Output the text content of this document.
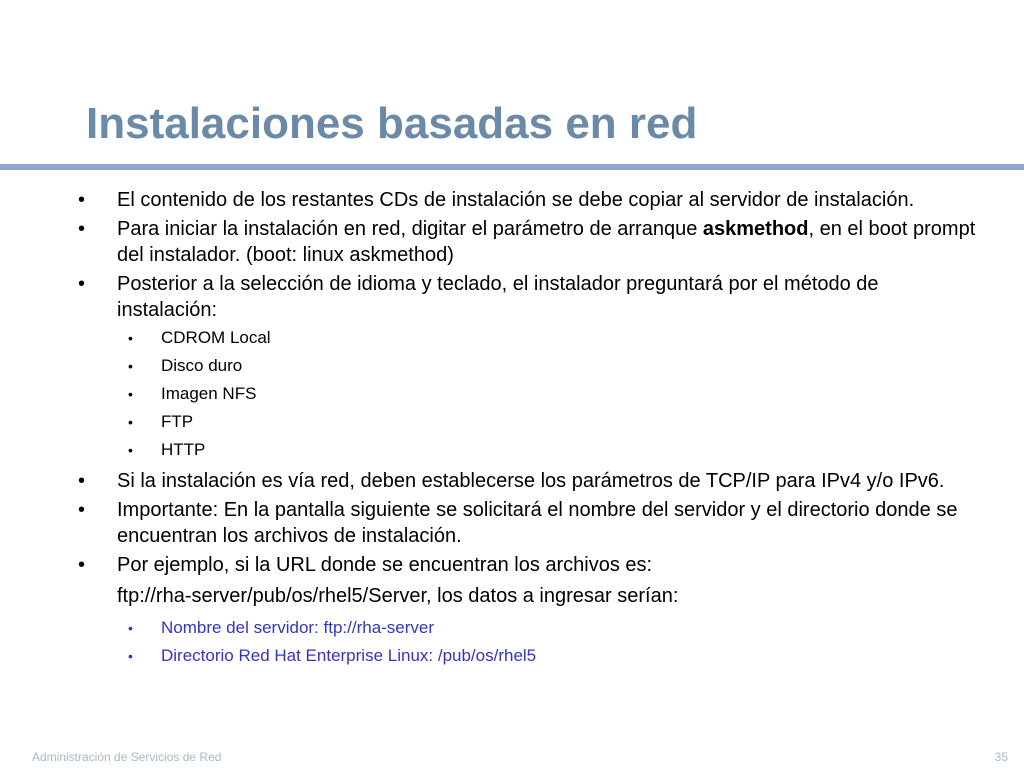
Instalaciones basadas en red
• El contenido de los restantes CDs de instalación se debe copiar al servidor de instalación.
• Para iniciar la instalación en red, digitar el parámetro de arranque askmethod, en el boot prompt del instalador. (boot: linux askmethod)
• Posterior a la selección de idioma y teclado, el instalador preguntará por el método de instalación:
• CDROM Local
• Disco duro
• Imagen NFS
• FTP
• HTTP
• Si la instalación es vía red, deben establecerse los parámetros de TCP/IP para IPv4 y/o IPv6.
• Importante: En la pantalla siguiente se solicitará el nombre del servidor y el directorio donde se encuentran los archivos de instalación.
• Por ejemplo, si la URL donde se encuentran los archivos es:
ftp://rha-server/pub/os/rhel5/Server, los datos a ingresar serían:
• Nombre del servidor: ftp://rha-server
• Directorio Red Hat Enterprise Linux: /pub/os/rhel5
Administración de Servicios de Red	35
